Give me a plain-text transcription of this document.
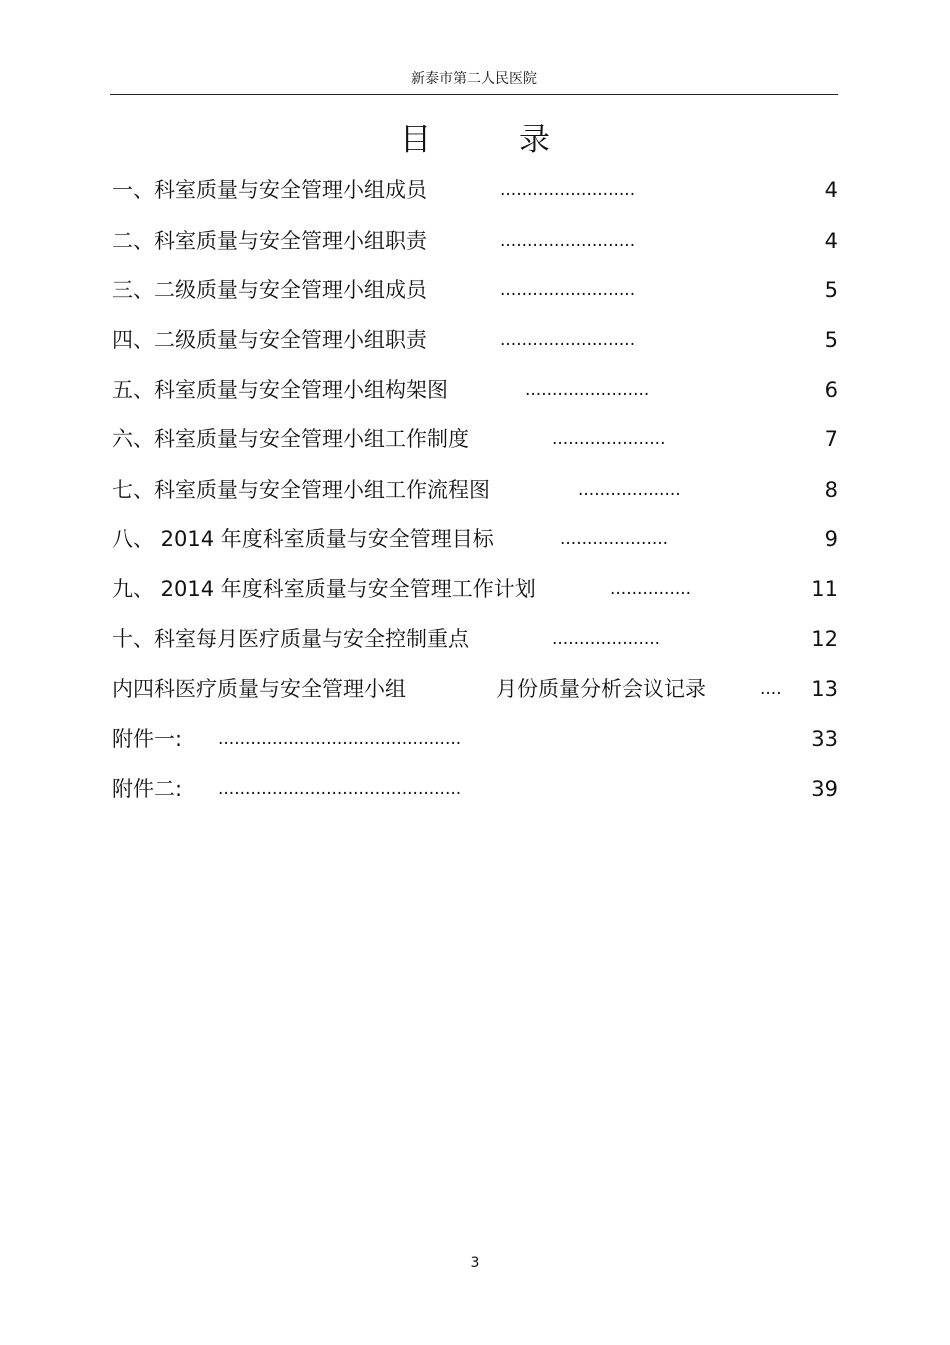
新泰市第二人民医院
目	录
一、科室质量与安全管理小组成员	.........................	4
二、科室质量与安全管理小组职责	.........................	4
三、二级质量与安全管理小组成员	.........................	5
四、二级质量与安全管理小组职责	.........................	5
五、科室质量与安全管理小组构架图	.......................	6
六、科室质量与安全管理小组工作制度	.....................	7
七、科室质量与安全管理小组工作流程图	...................	8
八、 2014 年度科室质量与安全管理目标	....................	9
九、 2014 年度科室质量与安全管理工作计划	...............	11
十、科室每月医疗质量与安全控制重点	....................	12
内四科医疗质量与安全管理小组	月份质量分析会议记录	.... 13
附件一: .............................................	33
附件二: .............................................	39
3
